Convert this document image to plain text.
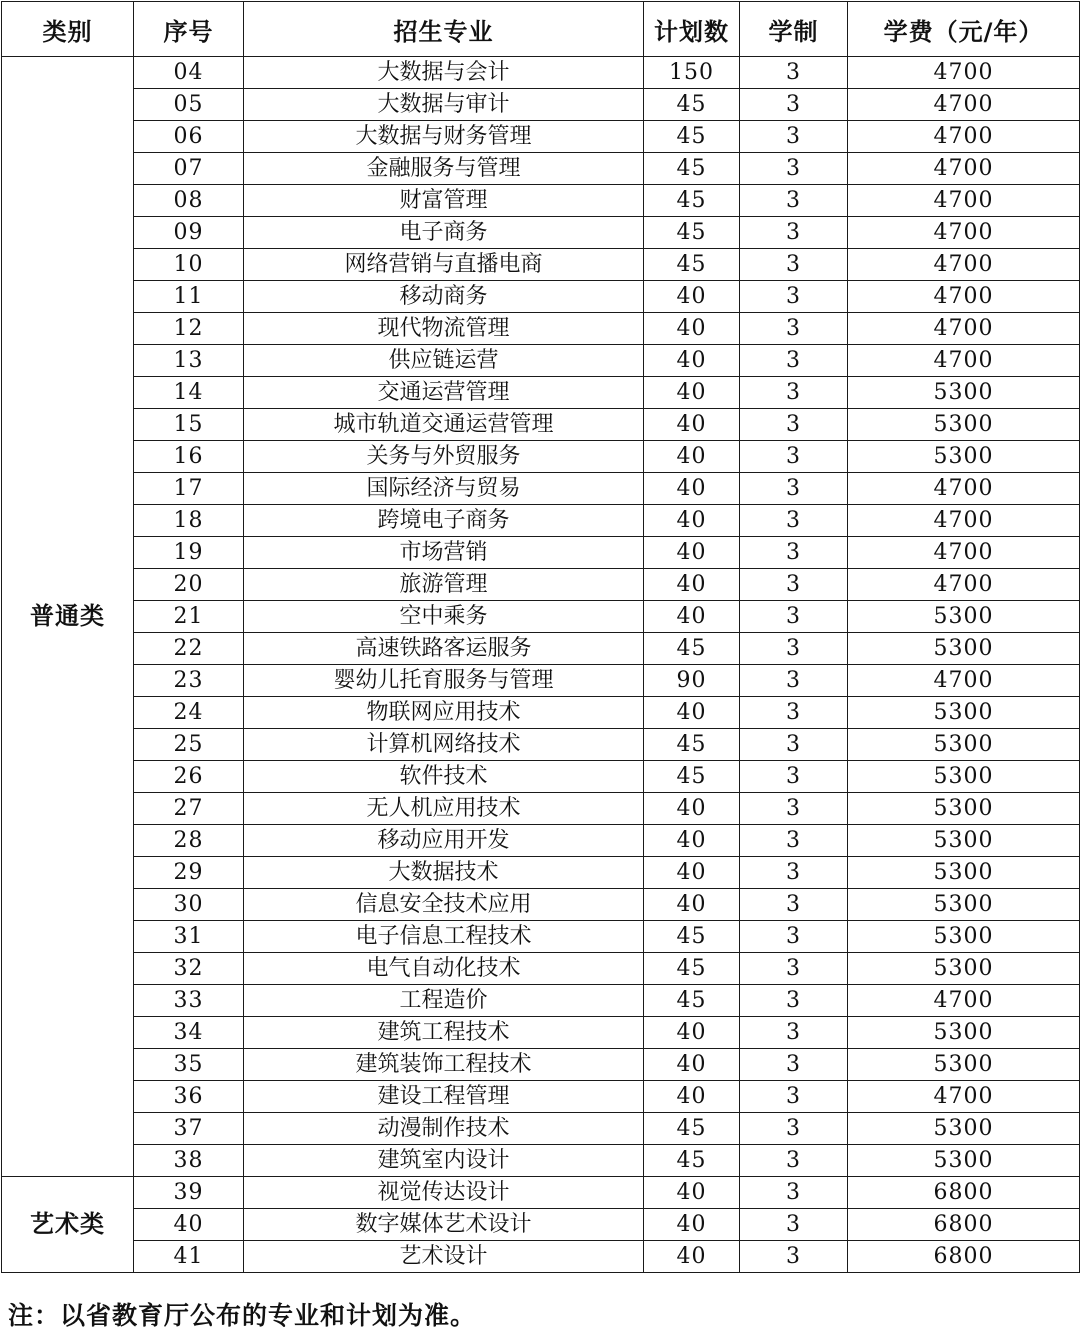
类别	序号	招生专业	计划数	学制	学费（元/年）
普通类	04	大数据与会计	150	3	4700
	05	大数据与审计	45	3	4700
	06	大数据与财务管理	45	3	4700
	07	金融服务与管理	45	3	4700
	08	财富管理	45	3	4700
	09	电子商务	45	3	4700
	10	网络营销与直播电商	45	3	4700
	11	移动商务	40	3	4700
	12	现代物流管理	40	3	4700
	13	供应链运营	40	3	4700
	14	交通运营管理	40	3	5300
	15	城市轨道交通运营管理	40	3	5300
	16	关务与外贸服务	40	3	5300
	17	国际经济与贸易	40	3	4700
	18	跨境电子商务	40	3	4700
	19	市场营销	40	3	4700
	20	旅游管理	40	3	4700
	21	空中乘务	40	3	5300
	22	高速铁路客运服务	45	3	5300
	23	婴幼儿托育服务与管理	90	3	4700
	24	物联网应用技术	40	3	5300
	25	计算机网络技术	45	3	5300
	26	软件技术	45	3	5300
	27	无人机应用技术	40	3	5300
	28	移动应用开发	40	3	5300
	29	大数据技术	40	3	5300
	30	信息安全技术应用	40	3	5300
	31	电子信息工程技术	45	3	5300
	32	电气自动化技术	45	3	5300
	33	工程造价	45	3	4700
	34	建筑工程技术	40	3	5300
	35	建筑装饰工程技术	40	3	5300
	36	建设工程管理	40	3	4700
	37	动漫制作技术	45	3	5300
	38	建筑室内设计	45	3	5300
艺术类	39	视觉传达设计	40	3	6800
	40	数字媒体艺术设计	40	3	6800
	41	艺术设计	40	3	6800
注：以省教育厅公布的专业和计划为准。
